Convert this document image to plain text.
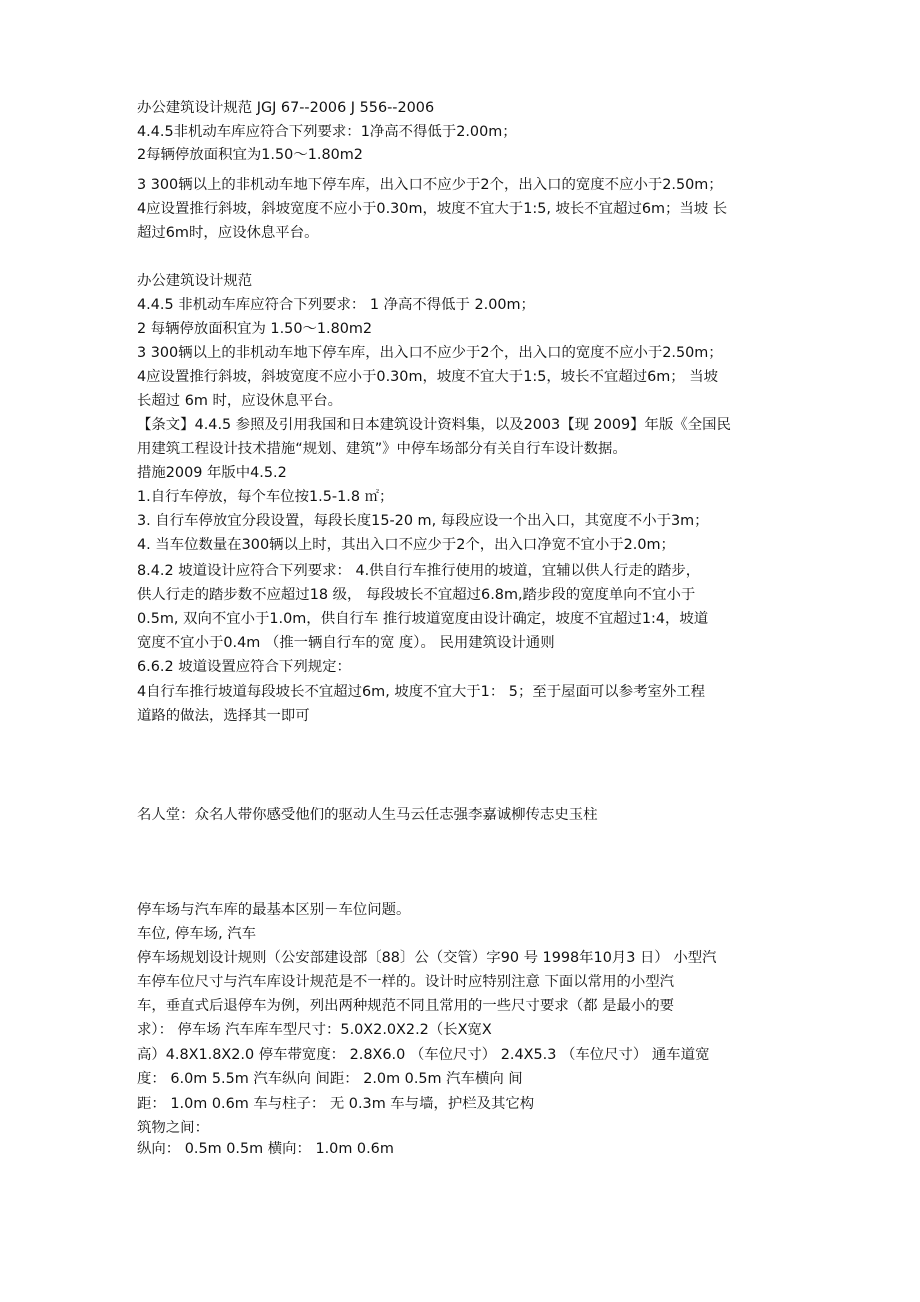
办公建筑设计规范 JGJ 67--2006 J 556--2006
4.4.5非机动车库应符合下列要求：1净高不得低于2.00m；
2每辆停放面积宜为1.50～1.80m2
3 300辆以上的非机动车地下停车库，出入口不应少于2个，出入口的宽度不应小于2.50m；
4应设置推行斜坡，斜坡宽度不应小于0.30m，坡度不宜大于1:5, 坡长不宜超过6m；当坡 长
超过6m时，应设休息平台。
办公建筑设计规范
4.4.5 非机动车库应符合下列要求： 1 净高不得低于 2.00m；
2 每辆停放面积宜为 1.50～1.80m2
3 300辆以上的非机动车地下停车库，出入口不应少于2个，出入口的宽度不应小于2.50m；
4应设置推行斜坡，斜坡宽度不应小于0.30m，坡度不宜大于1:5，坡长不宜超过6m； 当坡
长超过 6m 时，应设休息平台。
【条文】4.4.5 参照及引用我国和日本建筑设计资料集，以及2003【现 2009】年版《全国民
用建筑工程设计技术措施“规划、建筑”》中停车场部分有关自行车设计数据。
措施2009 年版中4.5.2
1.自行车停放，每个车位按1.5-1.8 ㎡；
3. 自行车停放宜分段设置，每段长度15-20 m, 每段应设一个出入口，其宽度不小于3m；
4. 当车位数量在300辆以上时，其出入口不应少于2个，出入口净宽不宜小于2.0m；
8.4.2 坡道设计应符合下列要求： 4.供自行车推行使用的坡道，宜辅以供人行走的踏步，
供人行走的踏步数不应超过18 级， 每段坡长不宜超过6.8m,踏步段的宽度单向不宜小于
0.5m, 双向不宜小于1.0m，供自行车 推行坡道宽度由设计确定，坡度不宜超过1:4，坡道
宽度不宜小于0.4m （推一辆自行车的宽 度）。 民用建筑设计通则
6.6.2 坡道设置应符合下列规定：
4自行车推行坡道每段坡长不宜超过6m, 坡度不宜大于1： 5；至于屋面可以参考室外工程
道路的做法，选择其一即可
名人堂：众名人带你感受他们的驱动人生马云任志强李嘉诚柳传志史玉柱
停车场与汽车库的最基本区别－车位问题。
车位, 停车场, 汽车
停车场规划设计规则（公安部建设部〔88〕公（交管）字90 号 1998年10月3 日） 小型汽
车停车位尺寸与汽车库设计规范是不一样的。设计时应特别注意 下面以常用的小型汽
车，垂直式后退停车为例，列出两种规范不同且常用的一些尺寸要求（都 是最小的要
求）： 停车场 汽车库车型尺寸：5.0X2.0X2.2（长X宽X
高）4.8X1.8X2.0 停车带宽度： 2.8X6.0 （车位尺寸） 2.4X5.3 （车位尺寸） 通车道宽
度： 6.0m 5.5m 汽车纵向 间距： 2.0m 0.5m 汽车横向 间
距： 1.0m 0.6m 车与柱子： 无 0.3m 车与墙，护栏及其它构
筑物之间：
纵向： 0.5m 0.5m 横向： 1.0m 0.6m
